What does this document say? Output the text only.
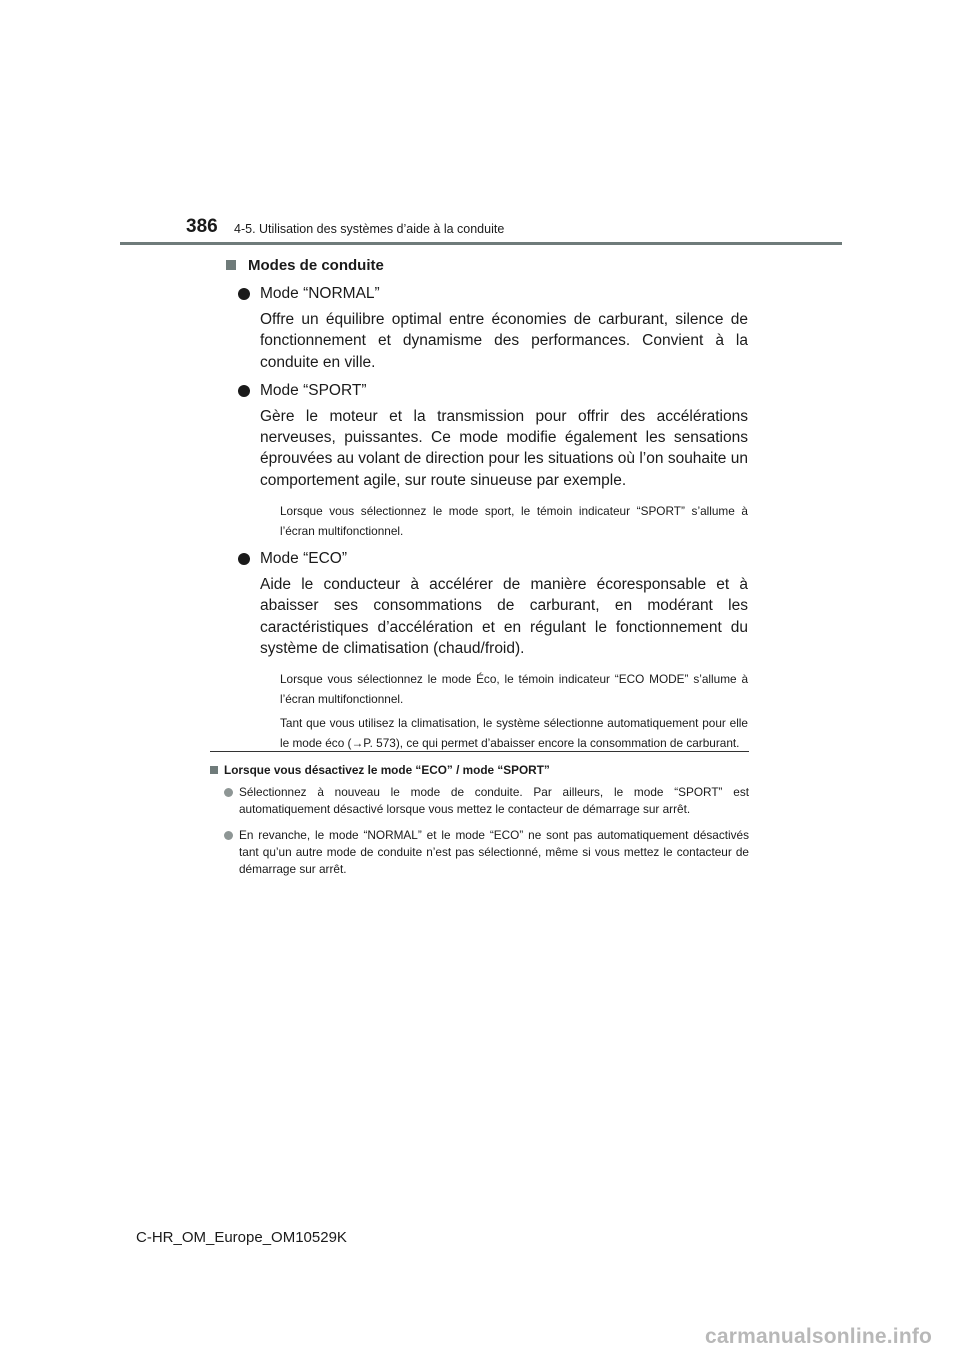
386 4-5. Utilisation des systèmes d’aide à la conduite
Modes de conduite
Mode “NORMAL”
Offre un équilibre optimal entre économies de carburant, silence de fonctionnement et dynamisme des performances. Convient à la conduite en ville.
Mode “SPORT”
Gère le moteur et la transmission pour offrir des accélérations nerveuses, puissantes. Ce mode modifie également les sensations éprouvées au volant de direction pour les situations où l’on souhaite un comportement agile, sur route sinueuse par exemple.
Lorsque vous sélectionnez le mode sport, le témoin indicateur “SPORT” s’allume à l’écran multifonctionnel.
Mode “ECO”
Aide le conducteur à accélérer de manière écoresponsable et à abaisser ses consommations de carburant, en modérant les caractéristiques d’accélération et en régulant le fonctionnement du système de climatisation (chaud/froid).
Lorsque vous sélectionnez le mode Éco, le témoin indicateur “ECO MODE” s’allume à l’écran multifonctionnel.
Tant que vous utilisez la climatisation, le système sélectionne automatiquement pour elle le mode éco (→P. 573), ce qui permet d’abaisser encore la consommation de carburant.
Lorsque vous désactivez le mode “ECO” / mode “SPORT”
Sélectionnez à nouveau le mode de conduite. Par ailleurs, le mode “SPORT” est automatiquement désactivé lorsque vous mettez le contacteur de démarrage sur arrêt.
En revanche, le mode “NORMAL” et le mode “ECO” ne sont pas automatiquement désactivés tant qu’un autre mode de conduite n’est pas sélectionné, même si vous mettez le contacteur de démarrage sur arrêt.
C-HR_OM_Europe_OM10529K
carmanualsonline.info
